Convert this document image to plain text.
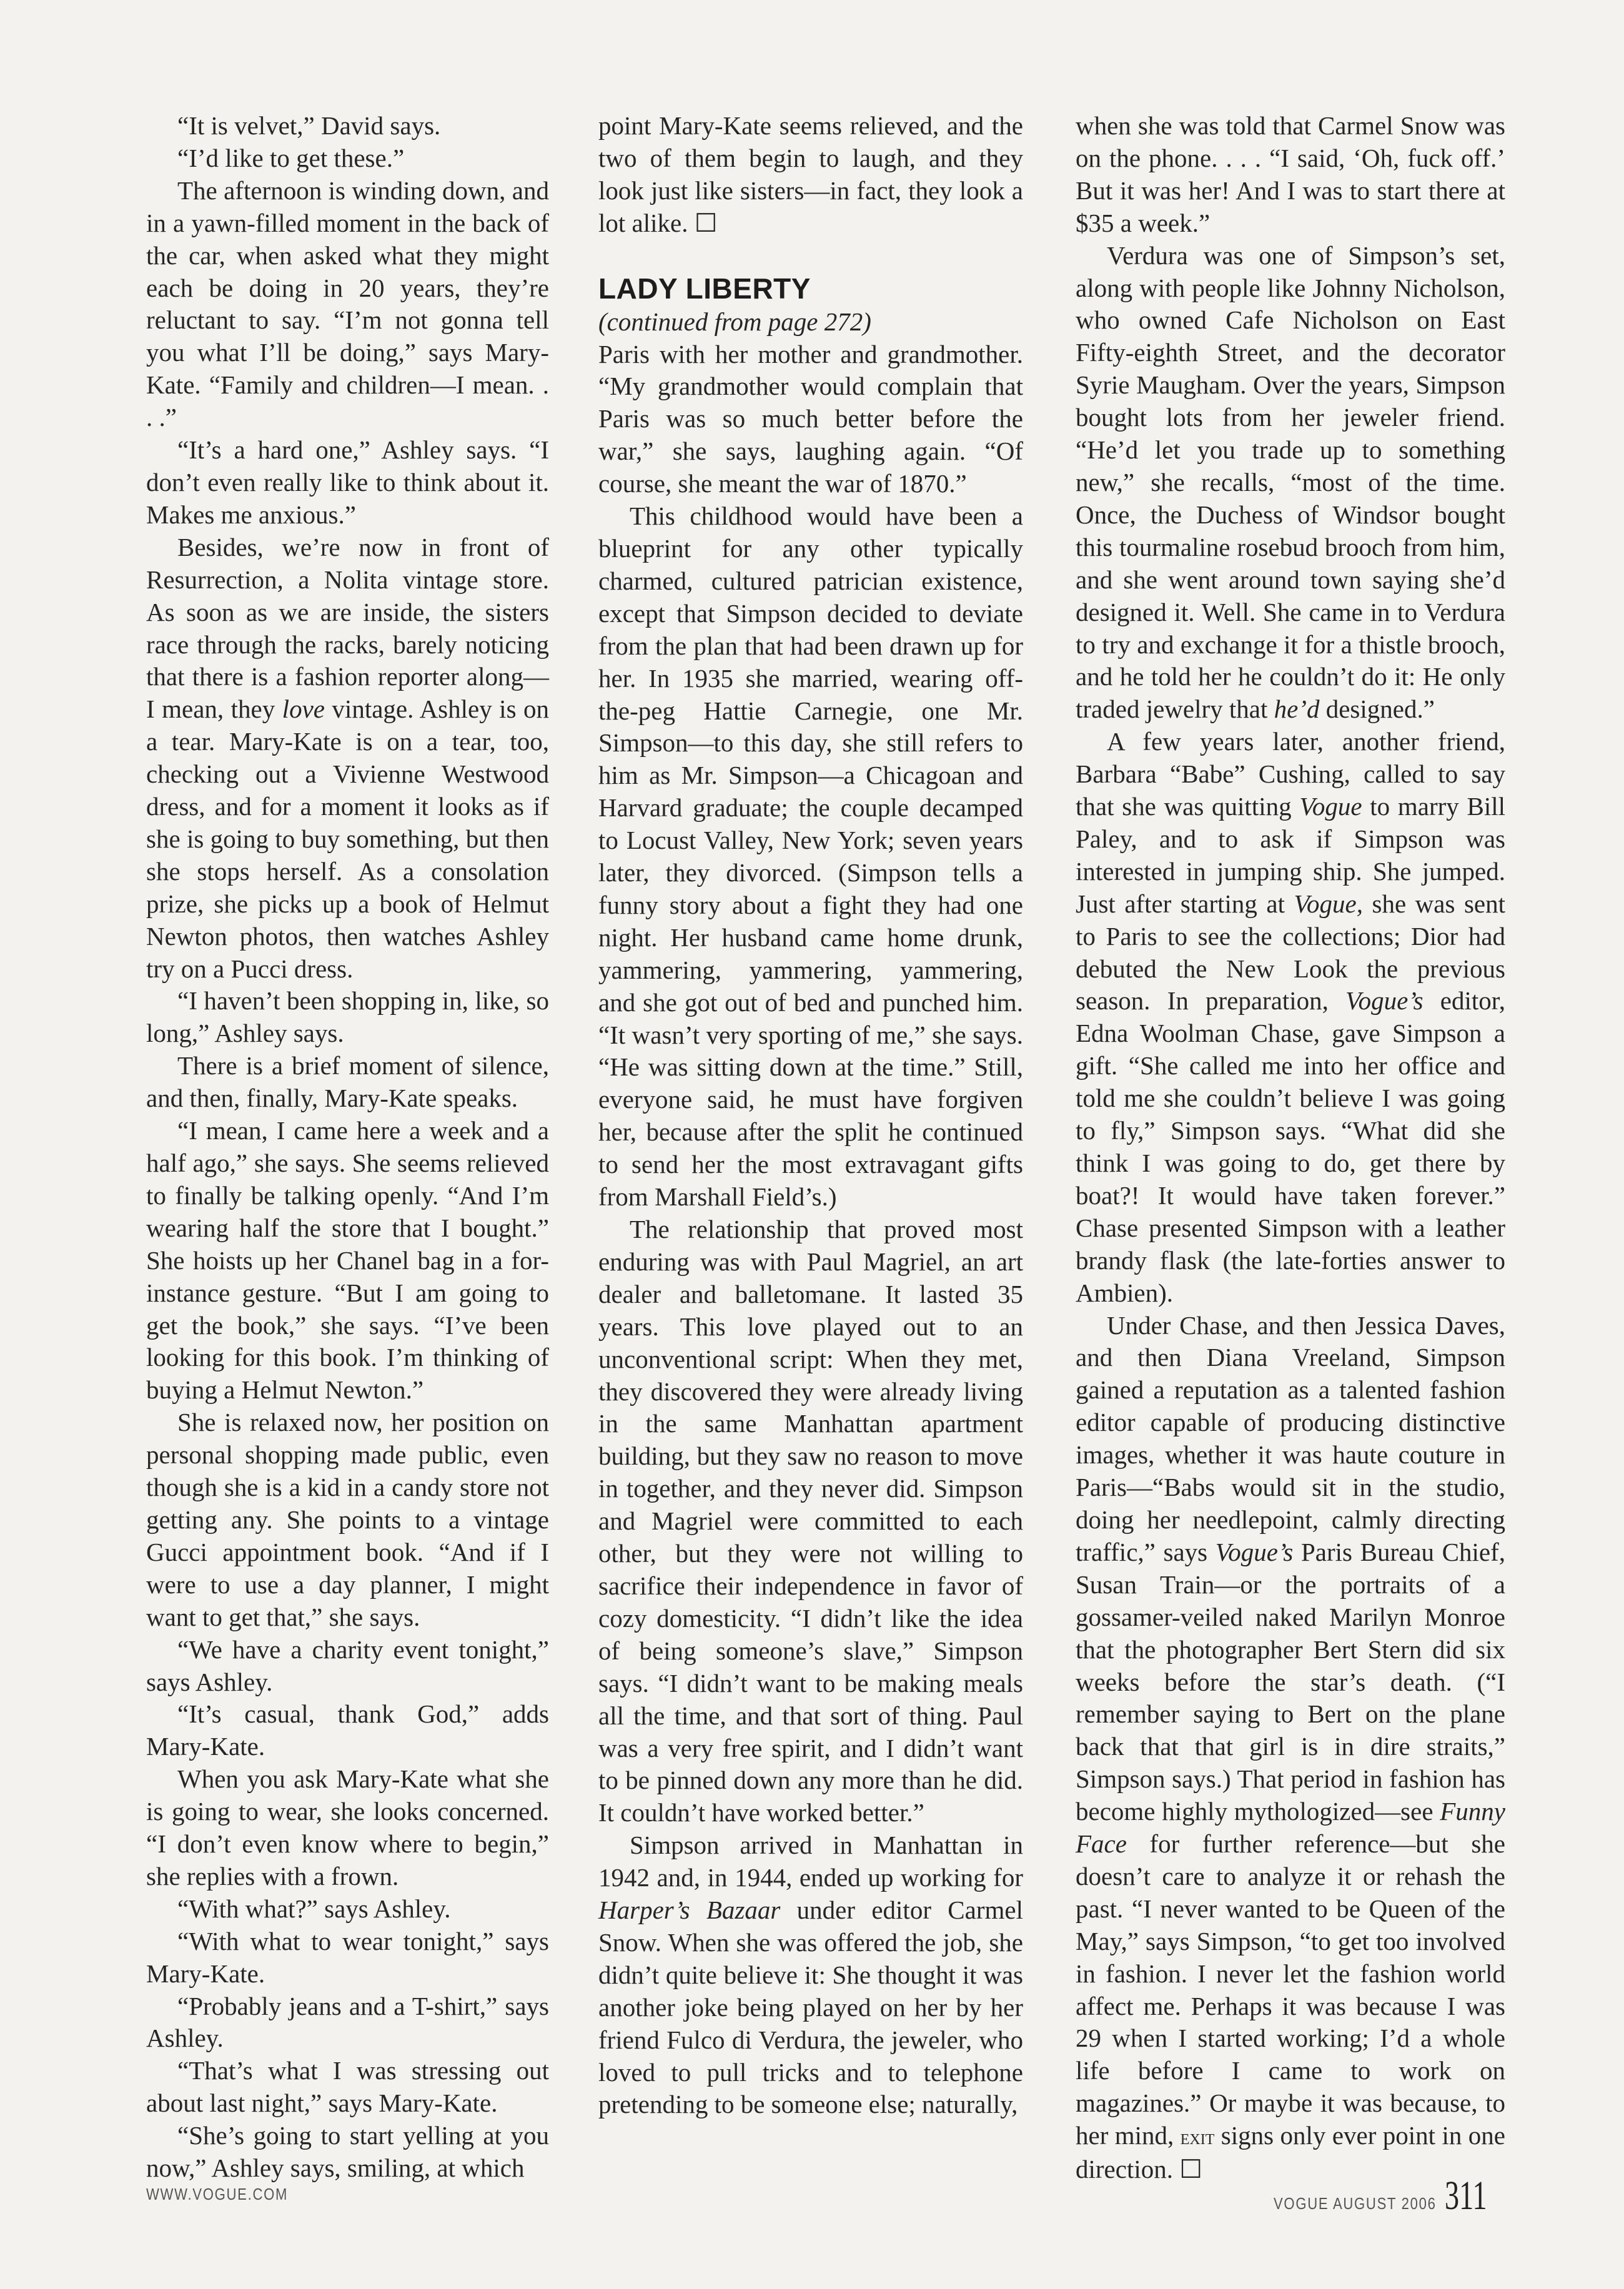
“It is velvet,” David says.

“I’d like to get these.”

The afternoon is winding down, and in a yawn-filled moment in the back of the car, when asked what they might each be doing in 20 years, they’re reluctant to say. “I’m not gonna tell you what I’ll be doing,” says Mary-Kate. “Family and children—I mean. . . .”

“It’s a hard one,” Ashley says. “I don’t even really like to think about it. Makes me anxious.”

Besides, we’re now in front of Resurrection, a Nolita vintage store. As soon as we are inside, the sisters race through the racks, barely noticing that there is a fashion reporter along—I mean, they love vintage. Ashley is on a tear. Mary-Kate is on a tear, too, checking out a Vivienne Westwood dress, and for a moment it looks as if she is going to buy something, but then she stops herself. As a consolation prize, she picks up a book of Helmut Newton photos, then watches Ashley try on a Pucci dress.

“I haven’t been shopping in, like, so long,” Ashley says.

There is a brief moment of silence, and then, finally, Mary-Kate speaks.

“I mean, I came here a week and a half ago,” she says. She seems relieved to finally be talking openly. “And I’m wearing half the store that I bought.” She hoists up her Chanel bag in a for-instance gesture. “But I am going to get the book,” she says. “I’ve been looking for this book. I’m thinking of buying a Helmut Newton.”

She is relaxed now, her position on personal shopping made public, even though she is a kid in a candy store not getting any. She points to a vintage Gucci appointment book. “And if I were to use a day planner, I might want to get that,” she says.

“We have a charity event tonight,” says Ashley.

“It’s casual, thank God,” adds Mary-Kate.

When you ask Mary-Kate what she is going to wear, she looks concerned. “I don’t even know where to begin,” she replies with a frown.

“With what?” says Ashley.

“With what to wear tonight,” says Mary-Kate.

“Probably jeans and a T-shirt,” says Ashley.

“That’s what I was stressing out about last night,” says Mary-Kate.

“She’s going to start yelling at you now,” Ashley says, smiling, at which

point Mary-Kate seems relieved, and the two of them begin to laugh, and they look just like sisters—in fact, they look a lot alike. ☐

LADY LIBERTY

(continued from page 272)

Paris with her mother and grandmother. “My grandmother would complain that Paris was so much better before the war,” she says, laughing again. “Of course, she meant the war of 1870.”

This childhood would have been a blueprint for any other typically charmed, cultured patrician existence, except that Simpson decided to deviate from the plan that had been drawn up for her. In 1935 she married, wearing off-the-peg Hattie Carnegie, one Mr. Simpson—to this day, she still refers to him as Mr. Simpson—a Chicagoan and Harvard graduate; the couple decamped to Locust Valley, New York; seven years later, they divorced. (Simpson tells a funny story about a fight they had one night. Her husband came home drunk, yammering, yammering, yammering, and she got out of bed and punched him. “It wasn’t very sporting of me,” she says. “He was sitting down at the time.” Still, everyone said, he must have forgiven her, because after the split he continued to send her the most extravagant gifts from Marshall Field’s.)

The relationship that proved most enduring was with Paul Magriel, an art dealer and balletomane. It lasted 35 years. This love played out to an unconventional script: When they met, they discovered they were already living in the same Manhattan apartment building, but they saw no reason to move in together, and they never did. Simpson and Magriel were committed to each other, but they were not willing to sacrifice their independence in favor of cozy domesticity. “I didn’t like the idea of being someone’s slave,” Simpson says. “I didn’t want to be making meals all the time, and that sort of thing. Paul was a very free spirit, and I didn’t want to be pinned down any more than he did. It couldn’t have worked better.”

Simpson arrived in Manhattan in 1942 and, in 1944, ended up working for Harper’s Bazaar under editor Carmel Snow. When she was offered the job, she didn’t quite believe it: She thought it was another joke being played on her by her friend Fulco di Verdura, the jeweler, who loved to pull tricks and to telephone pretending to be someone else; naturally,

when she was told that Carmel Snow was on the phone. . . . “I said, ‘Oh, fuck off.’ But it was her! And I was to start there at $35 a week.”

Verdura was one of Simpson’s set, along with people like Johnny Nicholson, who owned Cafe Nicholson on East Fifty-eighth Street, and the decorator Syrie Maugham. Over the years, Simpson bought lots from her jeweler friend. “He’d let you trade up to something new,” she recalls, “most of the time. Once, the Duchess of Windsor bought this tourmaline rosebud brooch from him, and she went around town saying she’d designed it. Well. She came in to Verdura to try and exchange it for a thistle brooch, and he told her he couldn’t do it: He only traded jewelry that he’d designed.”

A few years later, another friend, Barbara “Babe” Cushing, called to say that she was quitting Vogue to marry Bill Paley, and to ask if Simpson was interested in jumping ship. She jumped. Just after starting at Vogue, she was sent to Paris to see the collections; Dior had debuted the New Look the previous season. In preparation, Vogue’s editor, Edna Woolman Chase, gave Simpson a gift. “She called me into her office and told me she couldn’t believe I was going to fly,” Simpson says. “What did she think I was going to do, get there by boat?! It would have taken forever.” Chase presented Simpson with a leather brandy flask (the late-forties answer to Ambien).

Under Chase, and then Jessica Daves, and then Diana Vreeland, Simpson gained a reputation as a talented fashion editor capable of producing distinctive images, whether it was haute couture in Paris—“Babs would sit in the studio, doing her needlepoint, calmly directing traffic,” says Vogue’s Paris Bureau Chief, Susan Train—or the portraits of a gossamer-veiled naked Marilyn Monroe that the photographer Bert Stern did six weeks before the star’s death. (“I remember saying to Bert on the plane back that that girl is in dire straits,” Simpson says.) That period in fashion has become highly mythologized—see Funny Face for further reference—but she doesn’t care to analyze it or rehash the past. “I never wanted to be Queen of the May,” says Simpson, “to get too involved in fashion. I never let the fashion world affect me. Perhaps it was because I was 29 when I started working; I’d a whole life before I came to work on magazines.” Or maybe it was because, to her mind, exit signs only ever point in one direction. ☐

WWW.VOGUE.COM	VOGUE AUGUST 2006 311
